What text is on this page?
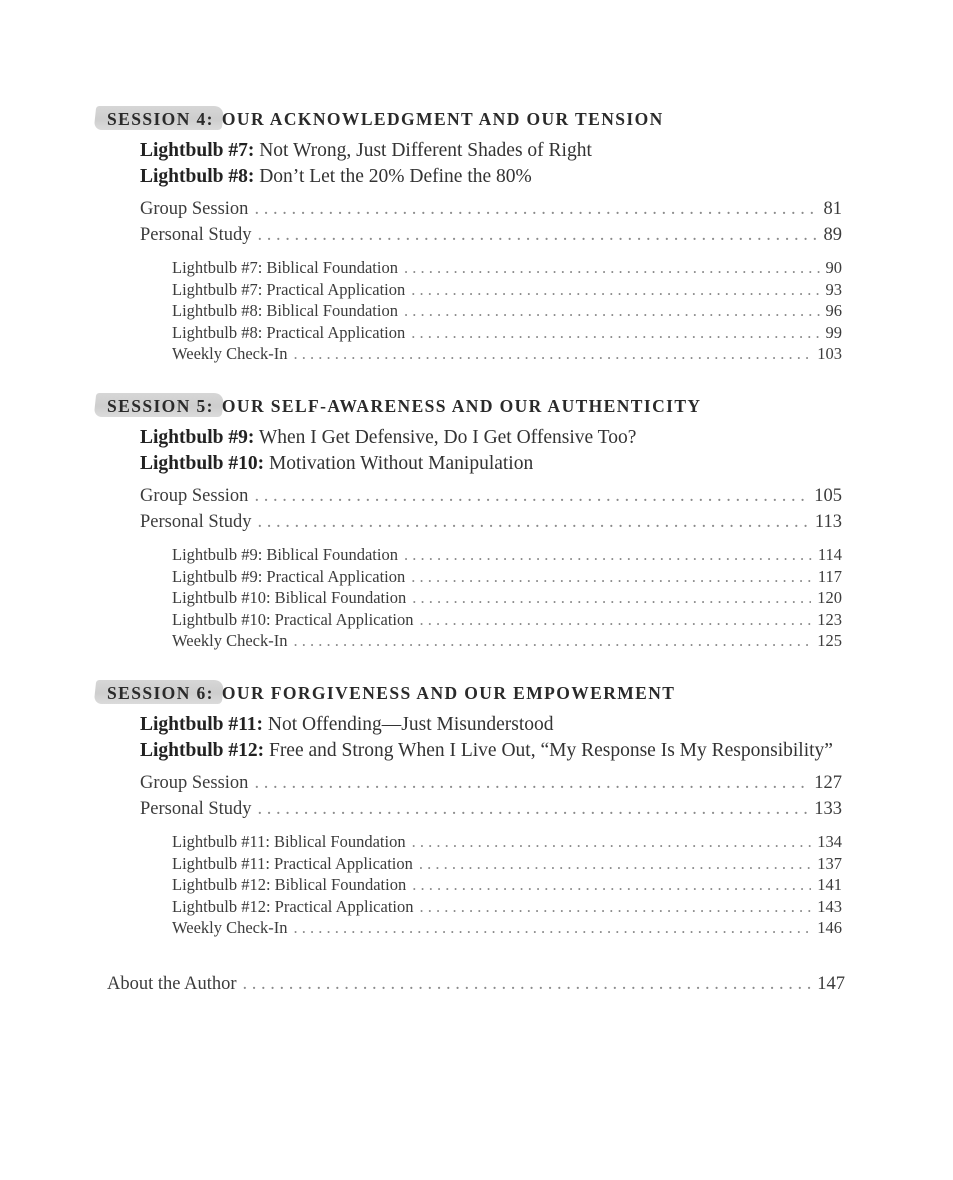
SESSION 4: OUR ACKNOWLEDGMENT AND OUR TENSION
Lightbulb #7: Not Wrong, Just Different Shades of Right
Lightbulb #8: Don’t Let the 20% Define the 80%
Group Session . . .	81
Personal Study . . .	89
Lightbulb #7: Biblical Foundation . . .	90
Lightbulb #7: Practical Application . . .	93
Lightbulb #8: Biblical Foundation . . .	96
Lightbulb #8: Practical Application . . .	99
Weekly Check-In . . .	103
SESSION 5: OUR SELF-AWARENESS AND OUR AUTHENTICITY
Lightbulb #9: When I Get Defensive, Do I Get Offensive Too?
Lightbulb #10: Motivation Without Manipulation
Group Session . . .	105
Personal Study . . .	113
Lightbulb #9: Biblical Foundation . . .	114
Lightbulb #9: Practical Application . . .	117
Lightbulb #10: Biblical Foundation . . .	120
Lightbulb #10: Practical Application . . .	123
Weekly Check-In . . .	125
SESSION 6: OUR FORGIVENESS AND OUR EMPOWERMENT
Lightbulb #11: Not Offending—Just Misunderstood
Lightbulb #12: Free and Strong When I Live Out, “My Response Is My Responsibility”
Group Session . . .	127
Personal Study . . .	133
Lightbulb #11: Biblical Foundation . . .	134
Lightbulb #11: Practical Application . . .	137
Lightbulb #12: Biblical Foundation . . .	141
Lightbulb #12: Practical Application . . .	143
Weekly Check-In . . .	146
About the Author . . .	147
